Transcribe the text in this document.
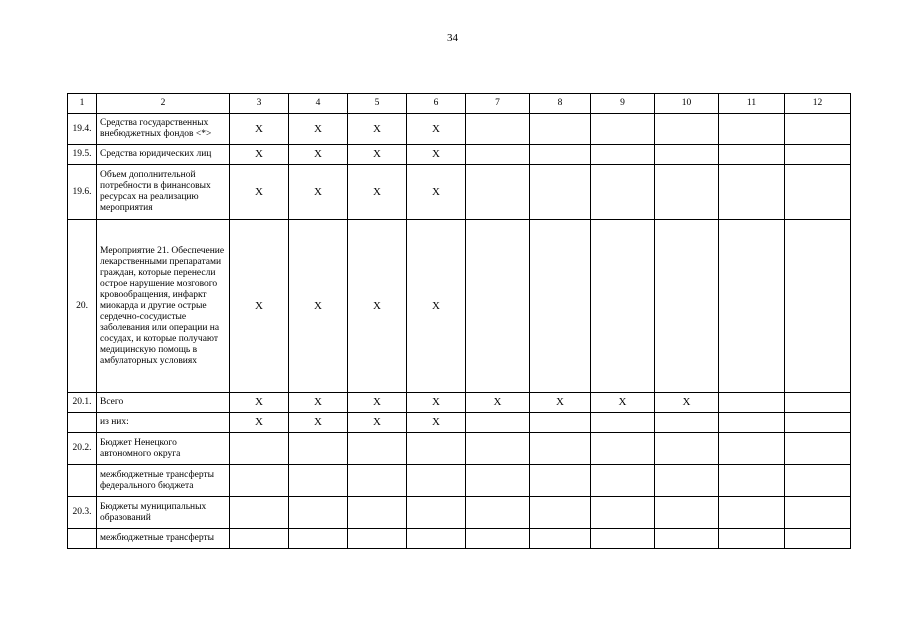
34
1	2	3	4	5	6	7	8	9	10	11	12
19.4.	Средства государственных внебюджетных фондов <*>	X	X	X	X						
19.5.	Средства юридических лиц	X	X	X	X						
19.6.	Объем дополнительной потребности в финансовых ресурсах на реализацию мероприятия	X	X	X	X						
20.	Мероприятие 21. Обеспечение лекарственными препаратами граждан, которые перенесли острое нарушение мозгового кровообращения, инфаркт миокарда и другие острые сердечно-сосудистые заболевания или операции на сосудах, и которые получают медицинскую помощь в амбулаторных условиях	X	X	X	X						
20.1.	Всего	X	X	X	X	X	X	X	X		
	из них:	X	X	X	X						
20.2.	Бюджет Ненецкого автономного округа										
	межбюджетные трансферты федерального бюджета										
20.3.	Бюджеты муниципальных образований										
	межбюджетные трансферты										
